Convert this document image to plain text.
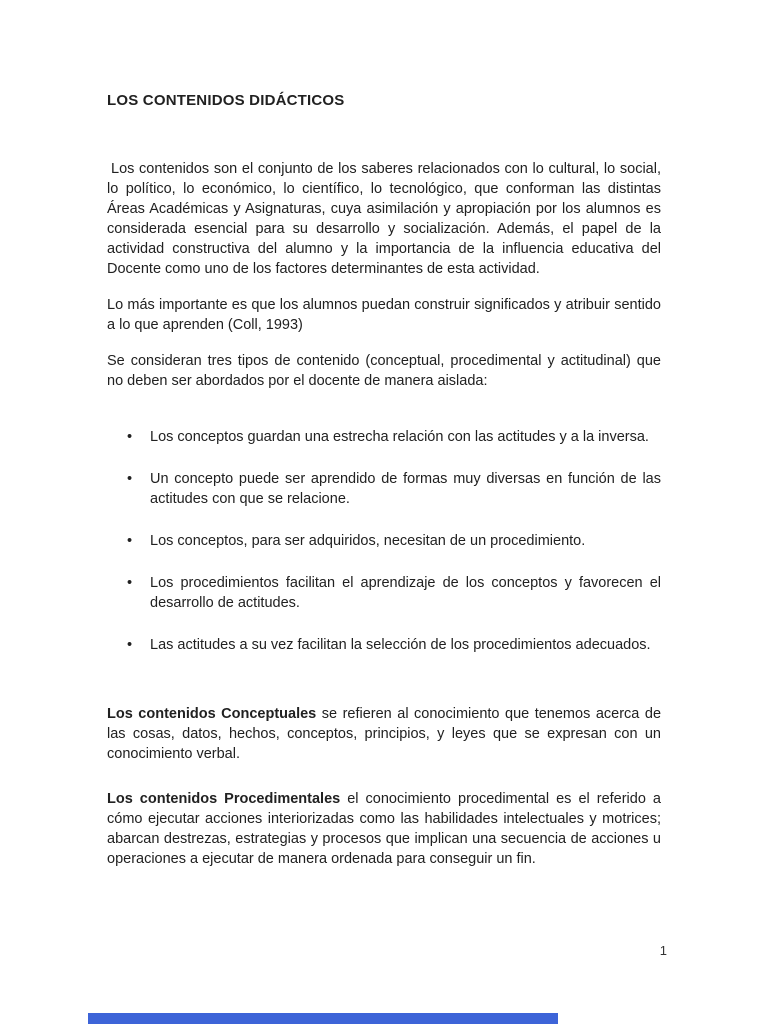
LOS CONTENIDOS DIDÁCTICOS

Los contenidos son el conjunto de los saberes relacionados con lo cultural, lo social, lo político, lo económico, lo científico, lo tecnológico, que conforman las distintas Áreas Académicas y Asignaturas, cuya asimilación y apropiación por los alumnos es considerada esencial para su desarrollo y socialización. Además, el papel de la actividad constructiva del alumno y la importancia de la influencia educativa del Docente como uno de los factores determinantes de esta actividad.

Lo más importante es que los alumnos puedan construir significados y atribuir sentido a lo que aprenden (Coll, 1993)

Se consideran tres tipos de contenido (conceptual, procedimental y actitudinal) que no deben ser abordados por el docente de manera aislada:

• Los conceptos guardan una estrecha relación con las actitudes y a la inversa.
• Un concepto puede ser aprendido de formas muy diversas en función de las actitudes con que se relacione.
• Los conceptos, para ser adquiridos, necesitan de un procedimiento.
• Los procedimientos facilitan el aprendizaje de los conceptos y favorecen el desarrollo de actitudes.
• Las actitudes a su vez facilitan la selección de los procedimientos adecuados.

Los contenidos Conceptuales se refieren al conocimiento que tenemos acerca de las cosas, datos, hechos, conceptos, principios, y leyes que se expresan con un conocimiento verbal.

Los contenidos Procedimentales el conocimiento procedimental es el referido a cómo ejecutar acciones interiorizadas como las habilidades intelectuales y motrices; abarcan destrezas, estrategias y procesos que implican una secuencia de acciones u operaciones a ejecutar de manera ordenada para conseguir un fin.

1
